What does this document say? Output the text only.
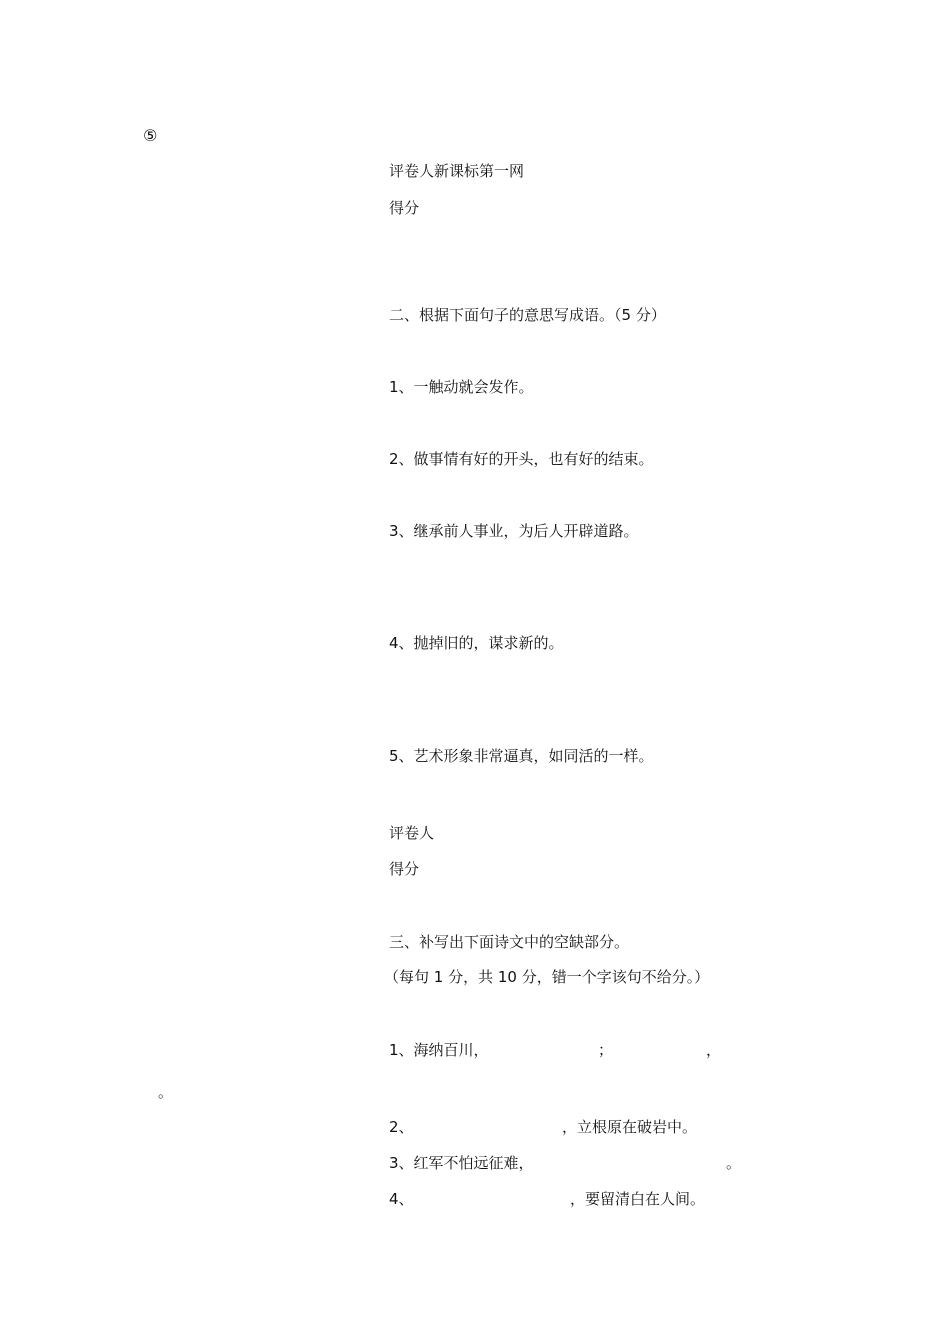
⑤
评卷人新课标第一网
得分
二、根据下面句子的意思写成语。（5 分）
1、一触动就会发作。
2、做事情有好的开头，也有好的结束。
3、继承前人事业，为后人开辟道路。
4、抛掉旧的，谋求新的。
5、艺术形象非常逼真，如同活的一样。
评卷人
得分
三、补写出下面诗文中的空缺部分。
（每句 1 分，共 10 分，错一个字该句不给分。）
1、海纳百川，	；	，
。
2、	，立根原在破岩中。
3、红军不怕远征难，	。
4、	，要留清白在人间。
